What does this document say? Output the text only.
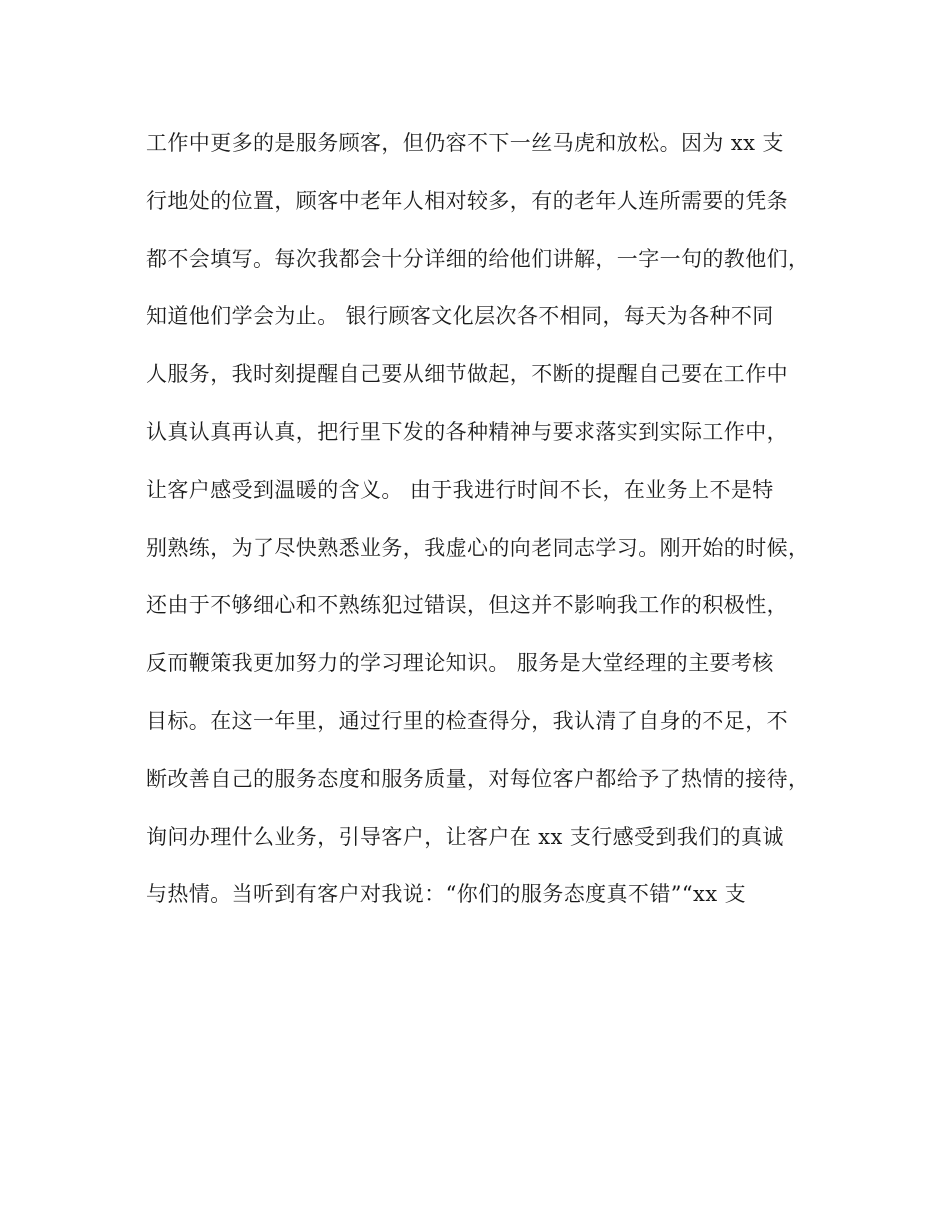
工作中更多的是服务顾客，但仍容不下一丝马虎和放松。因为 xx 支
行地处的位置，顾客中老年人相对较多，有的老年人连所需要的凭条
都不会填写。每次我都会十分详细的给他们讲解，一字一句的教他们，
知道他们学会为止。 银行顾客文化层次各不相同，每天为各种不同
人服务，我时刻提醒自己要从细节做起，不断的提醒自己要在工作中
认真认真再认真，把行里下发的各种精神与要求落实到实际工作中，
让客户感受到温暖的含义。 由于我进行时间不长，在业务上不是特
别熟练，为了尽快熟悉业务，我虚心的向老同志学习。刚开始的时候，
还由于不够细心和不熟练犯过错误，但这并不影响我工作的积极性，
反而鞭策我更加努力的学习理论知识。 服务是大堂经理的主要考核
目标。在这一年里，通过行里的检查得分，我认清了自身的不足，不
断改善自己的服务态度和服务质量，对每位客户都给予了热情的接待，
询问办理什么业务，引导客户，让客户在 xx 支行感受到我们的真诚
与热情。当听到有客户对我说：“你们的服务态度真不错”“xx 支
